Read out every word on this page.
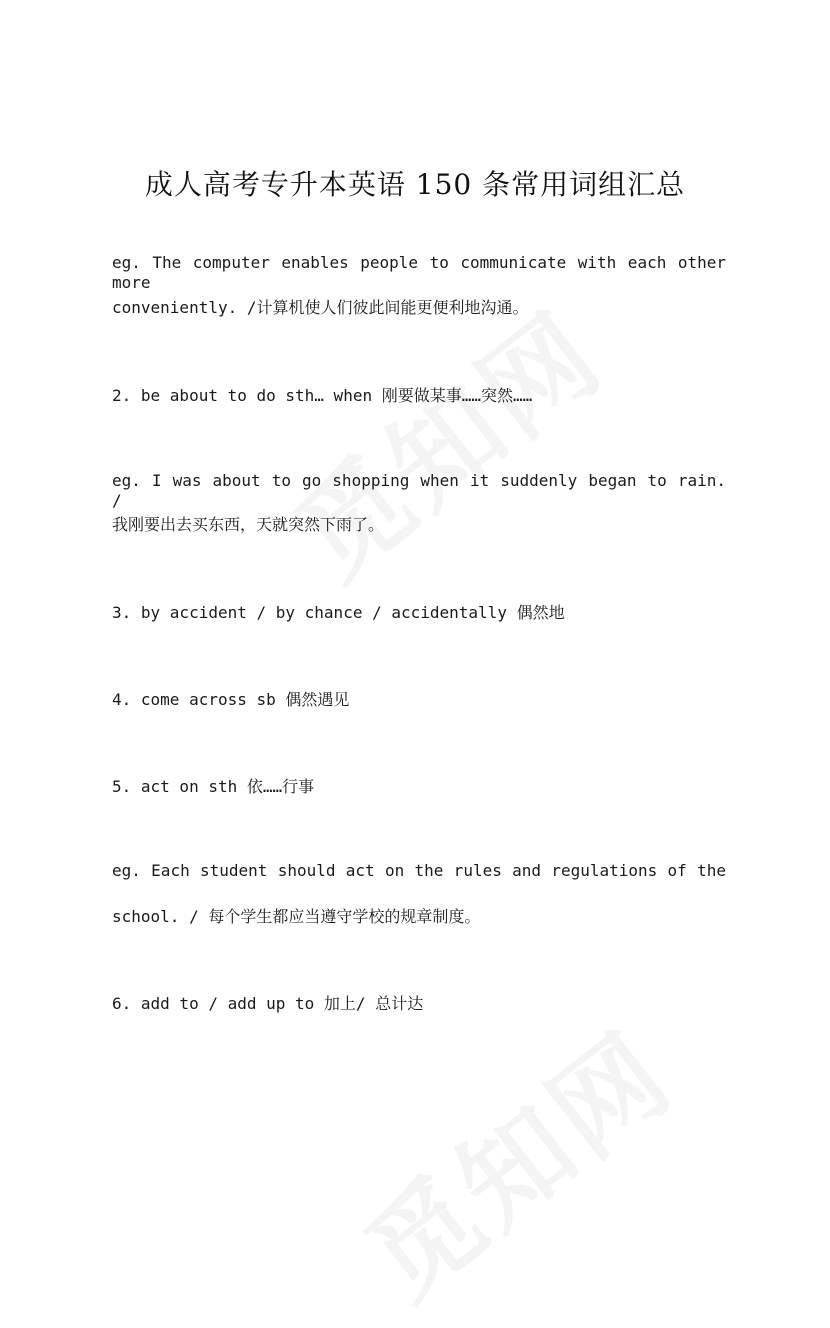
成人高考专升本英语 150 条常用词组汇总
eg. The computer enables people to communicate with each other more
conveniently. /计算机使人们彼此间能更便利地沟通。
2. be about to do sth… when 刚要做某事……突然……
eg. I was about to go shopping when it suddenly began to rain. /
我刚要出去买东西，天就突然下雨了。
3. by accident / by chance / accidentally 偶然地
4. come across sb 偶然遇见
5. act on sth 依……行事
eg. Each student should act on the rules and regulations of the
school. / 每个学生都应当遵守学校的规章制度。
6. add to / add up to 加上/ 总计达
